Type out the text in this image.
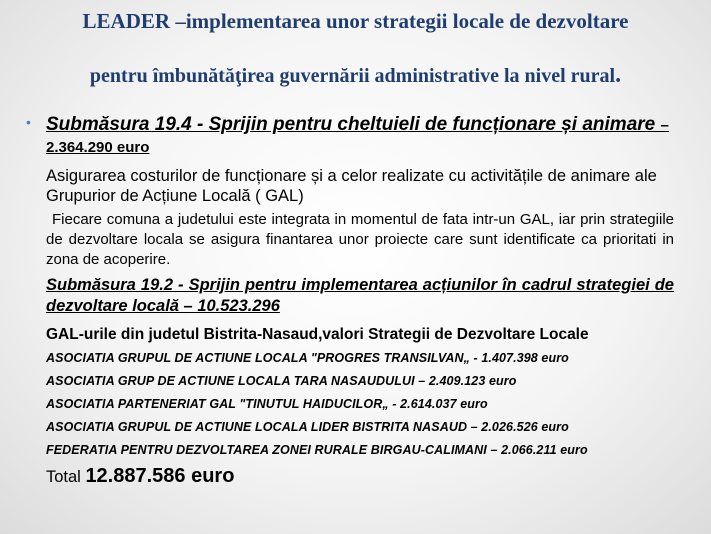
LEADER –implementarea unor strategii locale de dezvoltare
pentru îmbunătăţirea guvernării administrative la nivel rural.
• Submăsura 19.4 - Sprijin pentru cheltuieli de funcționare și animare – 2.364.290 euro

Asigurarea costurilor de funcționare și a celor realizate cu activitățile de animare ale Grupurior de Acțiune Locală ( GAL)

Fiecare comuna a judetului este integrata in momentul de fata intr-un GAL, iar prin strategiile de dezvoltare locala se asigura finantarea unor proiecte care sunt identificate ca prioritati in zona de acoperire.

Submăsura 19.2 - Sprijin pentru implementarea acțiunilor în cadrul strategiei de dezvoltare locală – 10.523.296

GAL-urile din judetul Bistrita-Nasaud,valori Strategii de Dezvoltare Locale
ASOCIATIA GRUPUL DE ACTIUNE LOCALA "PROGRES TRANSILVAN„ - 1.407.398 euro
ASOCIATIA GRUP DE ACTIUNE LOCALA TARA NASAUDULUI – 2.409.123 euro
ASOCIATIA PARTENERIAT GAL "TINUTUL HAIDUCILOR„ - 2.614.037 euro
ASOCIATIA GRUPUL DE ACTIUNE LOCALA LIDER BISTRITA NASAUD – 2.026.526 euro
FEDERATIA PENTRU DEZVOLTAREA ZONEI RURALE BIRGAU-CALIMANI – 2.066.211 euro
Total 12.887.586 euro
